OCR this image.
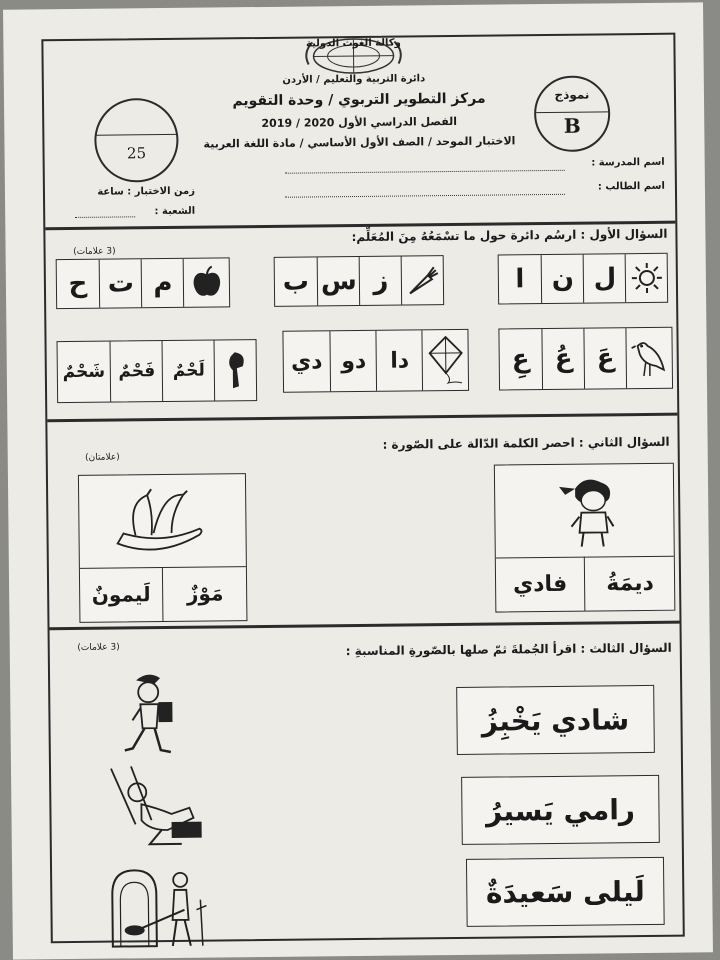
وكالة الغوث الدولية
دائرة التربية والتعليم / الأردن
مركز التطوير التربوي / وحدة التقويم
الفصل الدراسي الأول 2020 / 2019
الاختبار الموحد / الصف الأول الأساسي / مادة اللغة العربية
نموذج
B
25
اسم المدرسة :
اسم الطالب :
زمن الاختبار : ساعة
الشعبة :
السؤال الأول : ارسُم دائرة حول ما تسْمَعُهُ مِنَ المُعَلِّم:
(3 علامات)
ا	ن ل
ب س ز
ح ت م
عِ عُ عَ
دي دو	دا
شَحْمٌ فَحْمٌ	لَحْمٌ
السؤال الثاني : احصر الكلمة الدّالة على الصّورة :
(علامتان)
ديمَةُ
فادي
مَوْزٌ
لَيمونٌ
السؤال الثالث : اقرأ الجُملةَ ثمّ صلها بالصّورةِ المناسبةِ :
(3 علامات)
شادي يَخْبِزُ
رامي يَسيرُ
لَيلى سَعيدَةٌ
